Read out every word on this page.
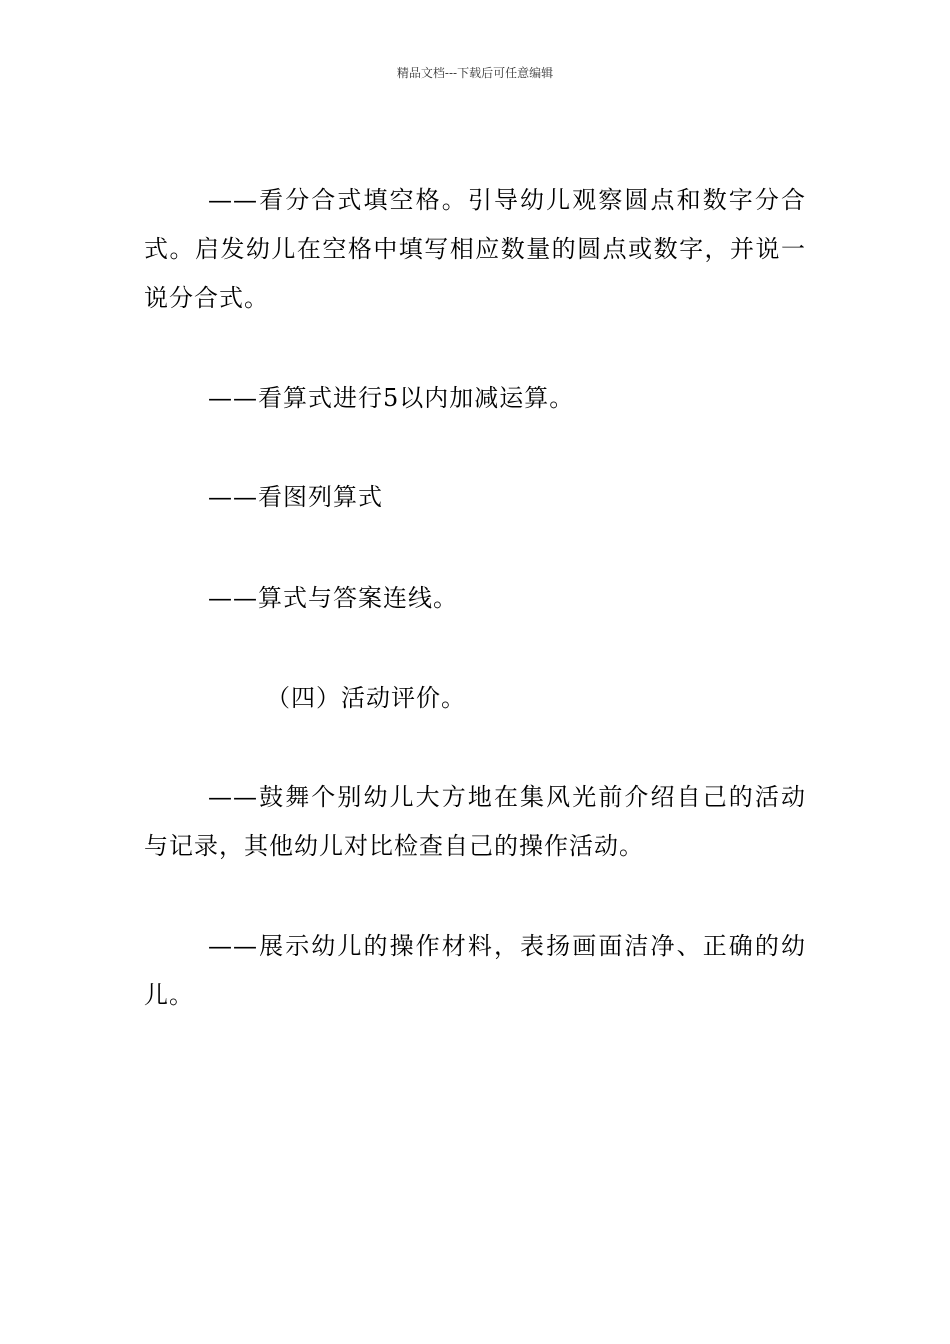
精品文档---下载后可任意编辑

——看分合式填空格。引导幼儿观察圆点和数字分合式。启发幼儿在空格中填写相应数量的圆点或数字，并说一说分合式。

——看算式进行5以内加减运算。

——看图列算式

——算式与答案连线。

（四）活动评价。

——鼓舞个别幼儿大方地在集风光前介绍自己的活动与记录，其他幼儿对比检查自己的操作活动。

——展示幼儿的操作材料，表扬画面洁净、正确的幼儿。
